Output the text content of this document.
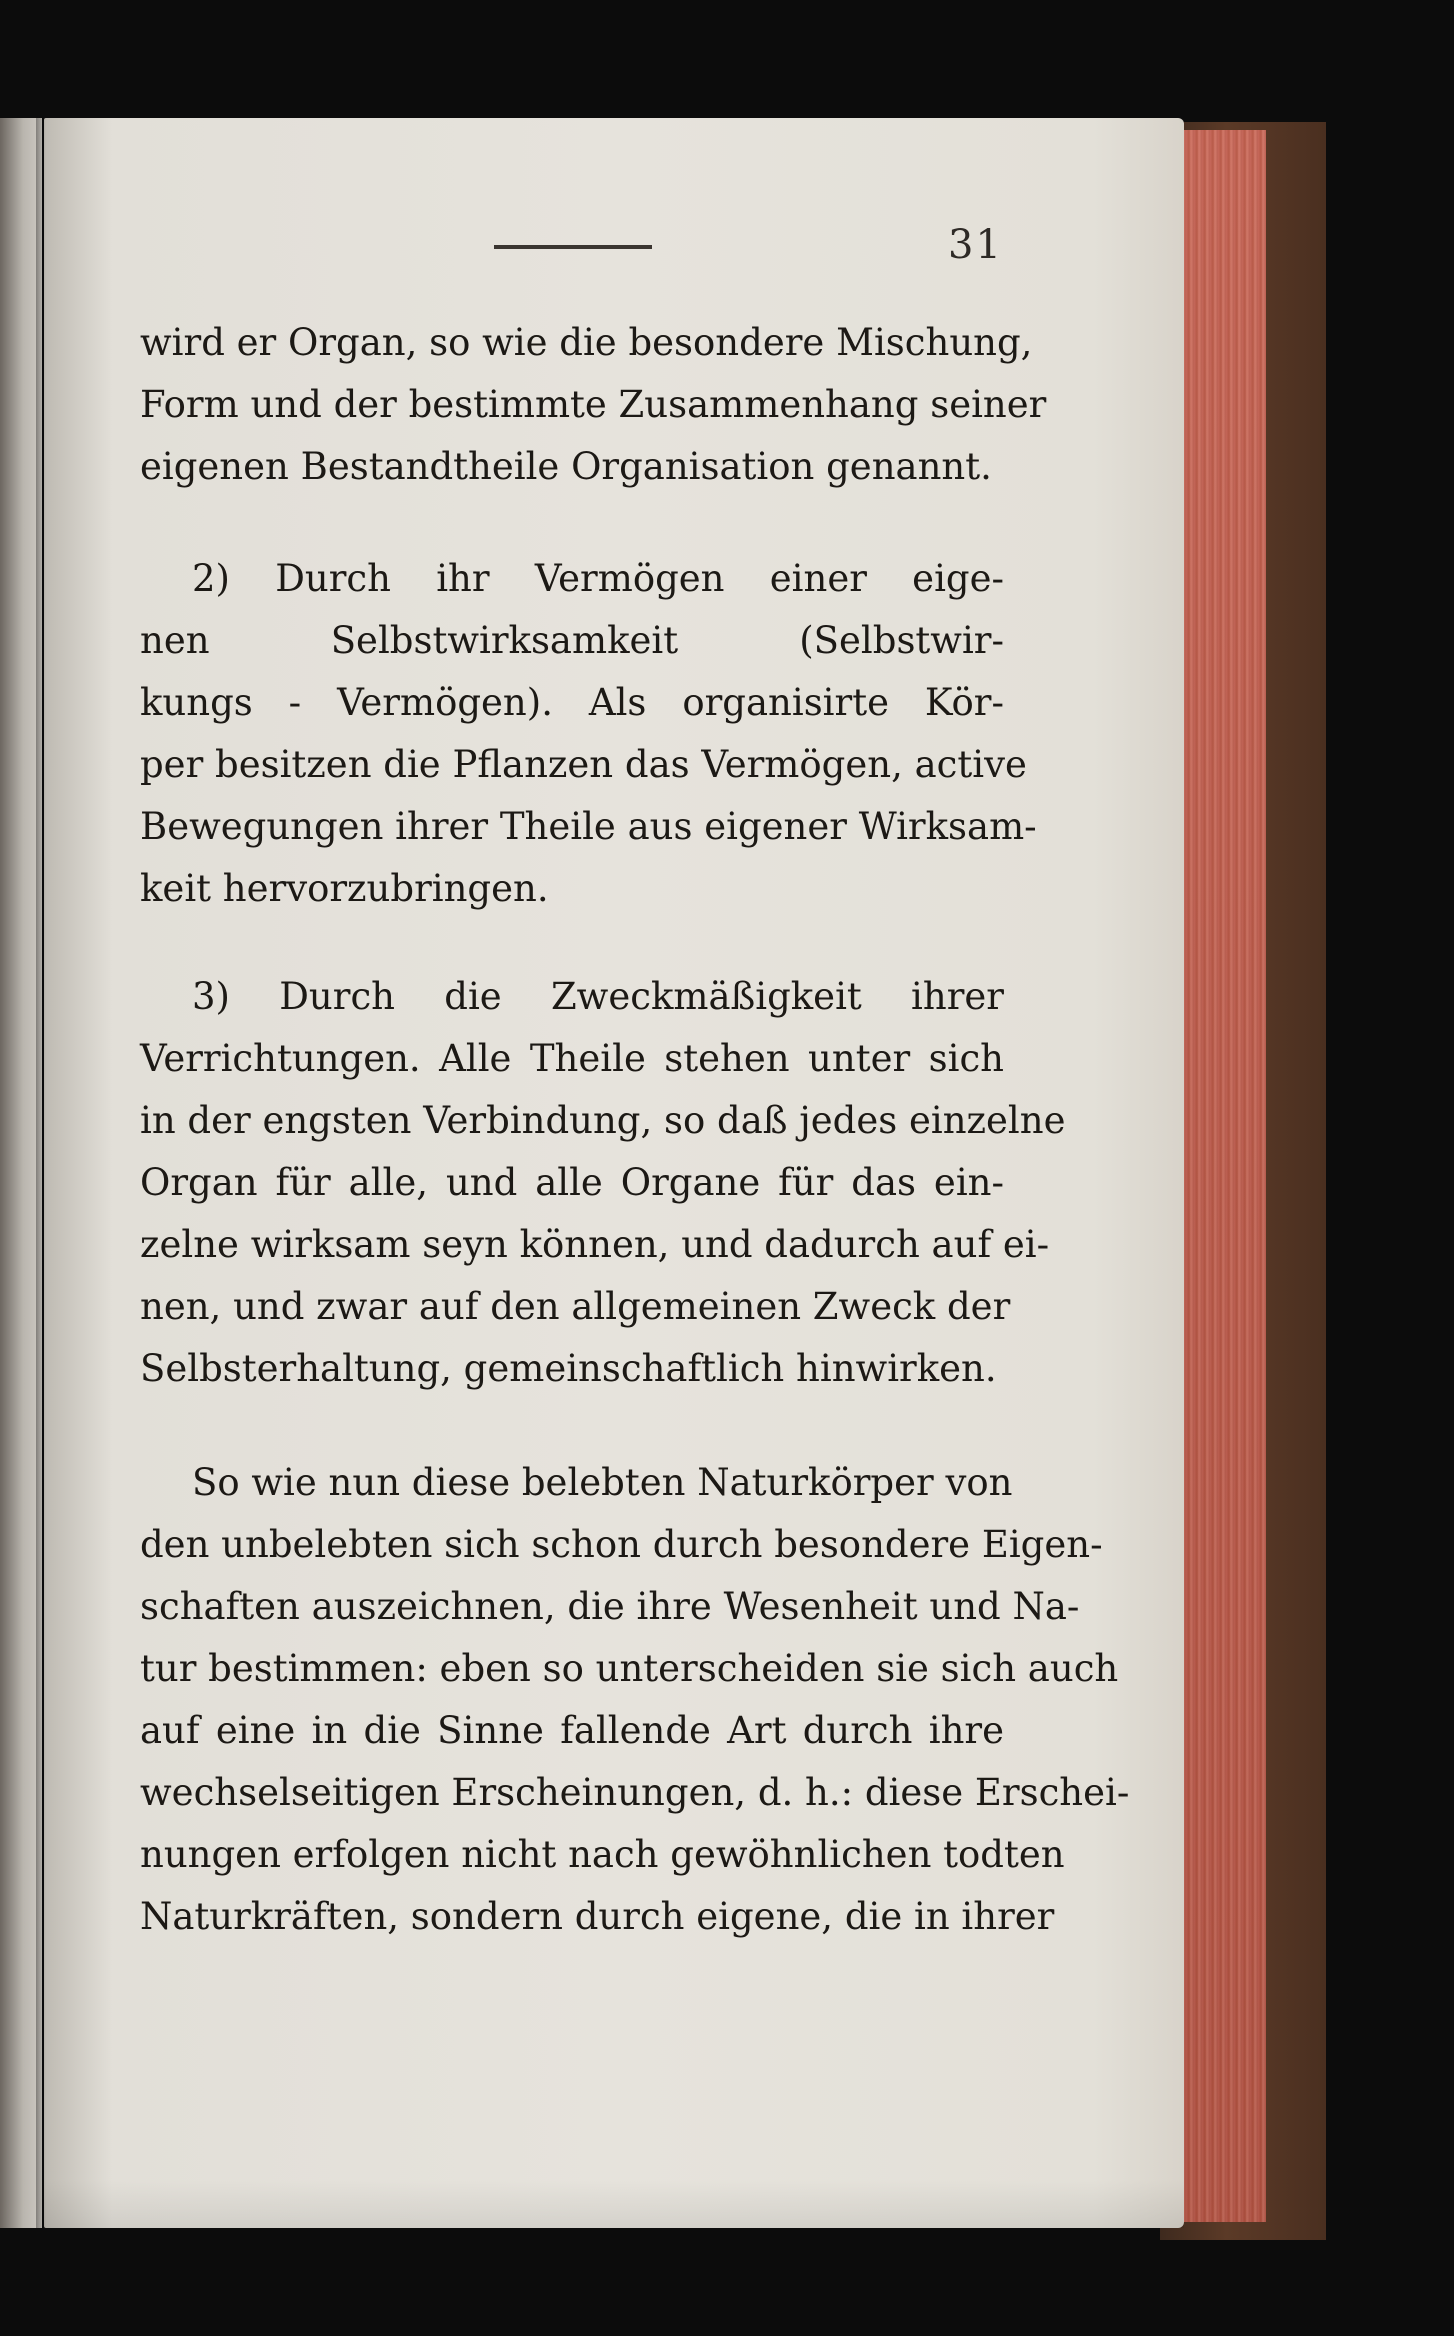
31
wird er Organ, so wie die besondere Mischung,
Form und der bestimmte Zusammenhang seiner
eigenen Bestandtheile Organisation genannt.
2) Durch ihr Vermögen einer eige-
nen Selbstwirksamkeit (Selbstwir-
kungs - Vermögen). Als organisirte Kör-
per besitzen die Pflanzen das Vermögen, active
Bewegungen ihrer Theile aus eigener Wirksam-
keit hervorzubringen.
3) Durch die Zweckmäßigkeit ihrer
Verrichtungen. Alle Theile stehen unter sich
in der engsten Verbindung, so daß jedes einzelne
Organ für alle, und alle Organe für das ein-
zelne wirksam seyn können, und dadurch auf ei-
nen, und zwar auf den allgemeinen Zweck der
Selbsterhaltung, gemeinschaftlich hinwirken.
So wie nun diese belebten Naturkörper von
den unbelebten sich schon durch besondere Eigen-
schaften auszeichnen, die ihre Wesenheit und Na-
tur bestimmen: eben so unterscheiden sie sich auch
auf eine in die Sinne fallende Art durch ihre
wechselseitigen Erscheinungen, d. h.: diese Erschei-
nungen erfolgen nicht nach gewöhnlichen todten
Naturkräften, sondern durch eigene, die in ihrer
